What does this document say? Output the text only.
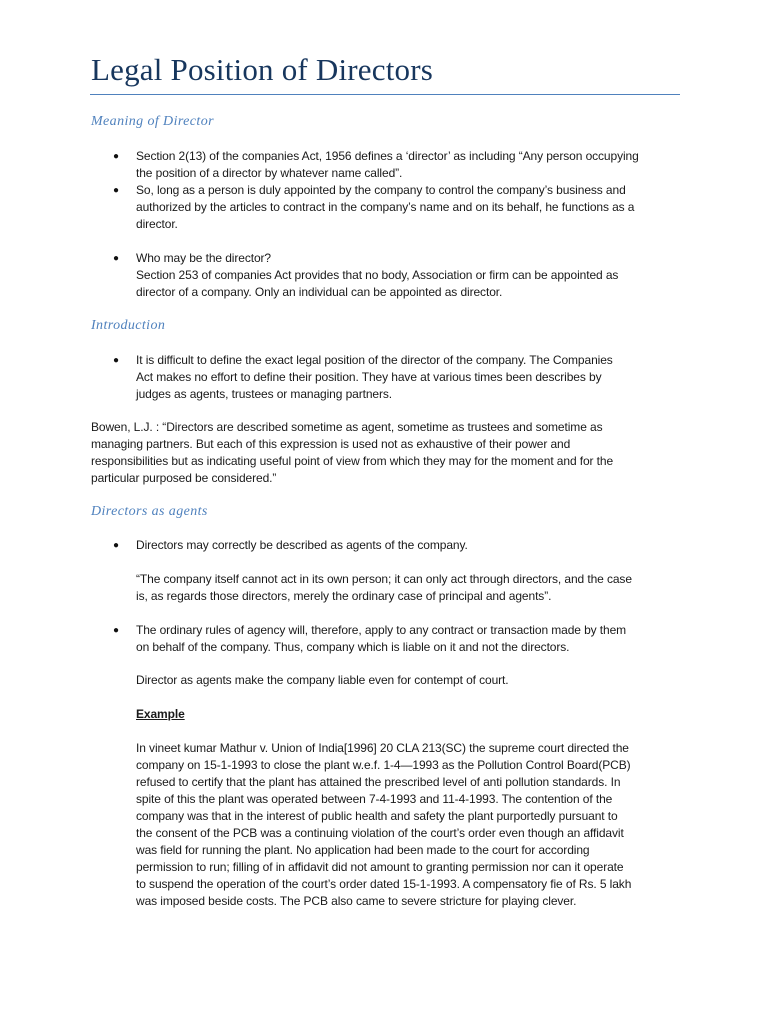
Legal Position of Directors
Meaning of Director
● Section 2(13) of the companies Act, 1956 defines a ‘director’ as including “Any person occupying
the position of a director by whatever name called”.
● So, long as a person is duly appointed by the company to control the company’s business and
authorized by the articles to contract in the company’s name and on its behalf, he functions as a
director.
● Who may be the director?
Section 253 of companies Act provides that no body, Association or firm can be appointed as
director of a company. Only an individual can be appointed as director.
Introduction
● It is difficult to define the exact legal position of the director of the company. The Companies
Act makes no effort to define their position. They have at various times been describes by
judges as agents, trustees or managing partners.
Bowen, L.J. : “Directors are described sometime as agent, sometime as trustees and sometime as
managing partners. But each of this expression is used not as exhaustive of their power and
responsibilities but as indicating useful point of view from which they may for the moment and for the
particular purposed be considered.”
Directors as agents
● Directors may correctly be described as agents of the company.
“The company itself cannot act in its own person; it can only act through directors, and the case
is, as regards those directors, merely the ordinary case of principal and agents”.
● The ordinary rules of agency will, therefore, apply to any contract or transaction made by them
on behalf of the company. Thus, company which is liable on it and not the directors.
Director as agents make the company liable even for contempt of court.
Example
In vineet kumar Mathur v. Union of India[1996] 20 CLA 213(SC) the supreme court directed the
company on 15-1-1993 to close the plant w.e.f. 1-4—1993 as the Pollution Control Board(PCB)
refused to certify that the plant has attained the prescribed level of anti pollution standards. In
spite of this the plant was operated between 7-4-1993 and 11-4-1993. The contention of the
company was that in the interest of public health and safety the plant purportedly pursuant to
the consent of the PCB was a continuing violation of the court’s order even though an affidavit
was field for running the plant. No application had been made to the court for according
permission to run; filling of in affidavit did not amount to granting permission nor can it operate
to suspend the operation of the court’s order dated 15-1-1993. A compensatory fie of Rs. 5 lakh
was imposed beside costs. The PCB also came to severe stricture for playing clever.
